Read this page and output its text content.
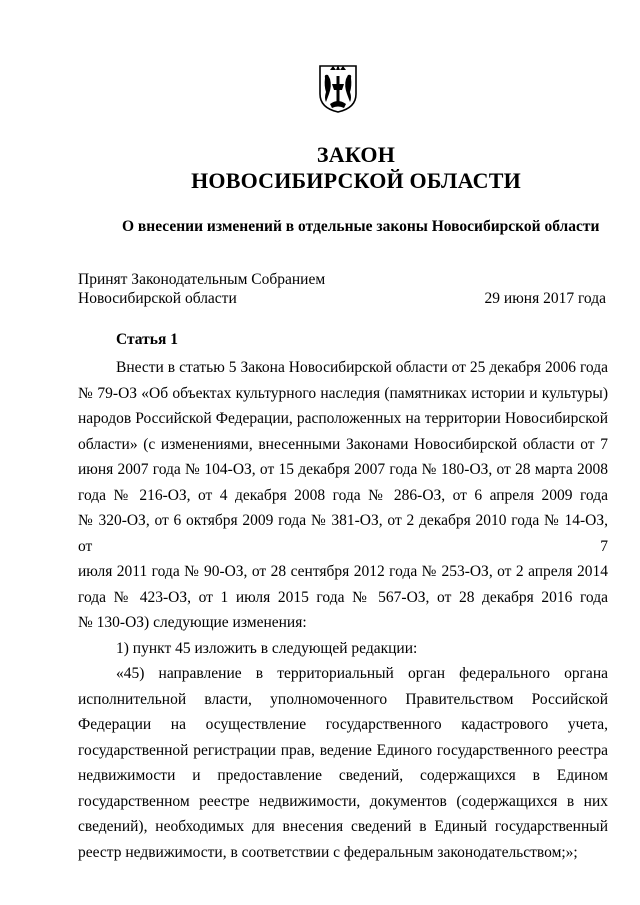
ЗАКОН
НОВОСИБИРСКОЙ ОБЛАСТИ
О внесении изменений в отдельные законы Новосибирской области
Принят Законодательным Собранием
Новосибирской области	29 июня 2017 года
Статья 1
Внести в статью 5 Закона Новосибирской области от 25 декабря 2006 года
№ 79-ОЗ «Об объектах культурного наследия (памятниках истории и культуры)
народов Российской Федерации, расположенных на территории Новосибирской
области» (с изменениями, внесенными Законами Новосибирской области от 7
июня 2007 года № 104-ОЗ, от 15 декабря 2007 года № 180-ОЗ, от 28 марта 2008
года № 216-ОЗ, от 4 декабря 2008 года № 286-ОЗ, от 6 апреля 2009 года
№ 320-ОЗ, от 6 октября 2009 года № 381-ОЗ, от 2 декабря 2010 года № 14-ОЗ, от 7
июля 2011 года № 90-ОЗ, от 28 сентября 2012 года № 253-ОЗ, от 2 апреля 2014
года № 423-ОЗ, от 1 июля 2015 года № 567-ОЗ, от 28 декабря 2016 года
№ 130-ОЗ) следующие изменения:
1) пункт 45 изложить в следующей редакции:
«45) направление в территориальный орган федерального органа
исполнительной власти, уполномоченного Правительством Российской
Федерации на осуществление государственного кадастрового учета,
государственной регистрации прав, ведение Единого государственного реестра
недвижимости и предоставление сведений, содержащихся в Едином
государственном реестре недвижимости, документов (содержащихся в них
сведений), необходимых для внесения сведений в Единый государственный
реестр недвижимости, в соответствии с федеральным законодательством;»;
